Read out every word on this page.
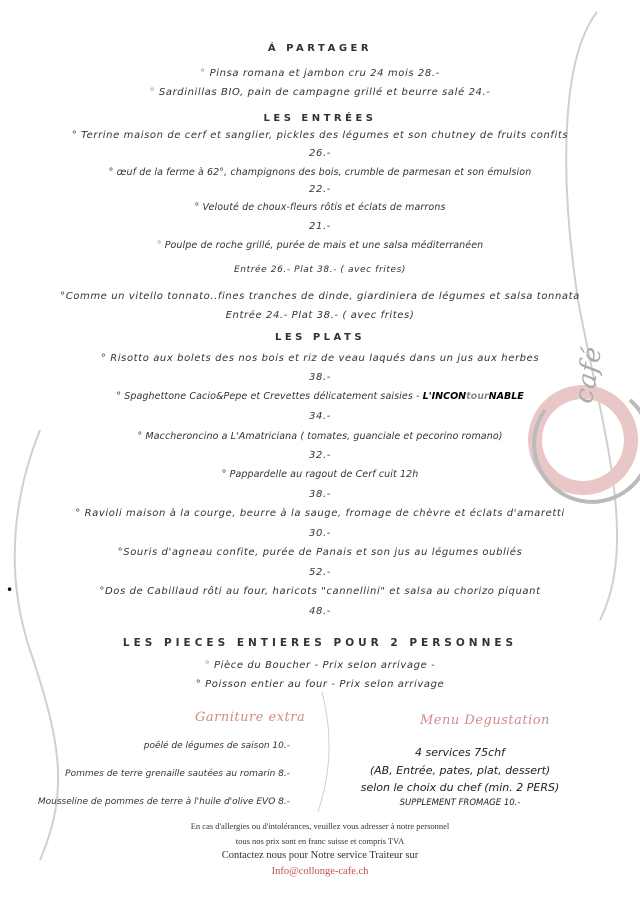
café
Á PARTAGER
° Pinsa romana et jambon cru 24 mois 28.-
° Sardinillas BIO, pain de campagne grillé et beurre salé 24.-
LES ENTRÉES
° Terrine maison de cerf et sanglier, pickles des légumes et son chutney de fruits confits
26.-
° œuf de la ferme à 62°, champignons des bois, crumble de parmesan et son émulsion
22.-
° Velouté de choux-fleurs rôtis et éclats de marrons
21.-
° Poulpe de roche grillé, purée de mais et une salsa méditerranéen
Entrée 26.- Plat 38.- ( avec frites)
°Comme un vitello tonnato..fines tranches de dinde, giardiniera de légumes et salsa tonnata
Entrée 24.- Plat 38.- ( avec frites)
LES PLATS
° Risotto aux bolets des nos bois et riz de veau laqués dans un jus aux herbes
38.-
° Spaghettone Cacio&Pepe et Crevettes délicatement saisies - L'INCONtourNABLE
34.-
° Maccheroncino a L'Amatriciana ( tomates, guanciale et pecorino romano)
32.-
° Pappardelle au ragout de Cerf cuit 12h
38.-
° Ravioli maison à la courge, beurre à la sauge, fromage de chèvre et éclats d'amaretti
30.-
°Souris d'agneau confite, purée de Panais et son jus au légumes oubliés
52.-
•	°Dos de Cabillaud rôti au four, haricots "cannellini" et salsa au chorizo piquant
48.-
LES PIECES ENTIERES POUR 2 PERSONNES
° Pièce du Boucher - Prix selon arrivage -
° Poisson entier au four - Prix selon arrivage
Garniture extra
poêlé de légumes de saison 10.-
Pommes de terre grenaille sautées au romarin 8.-
Mousseline de pommes de terre à l'huile d'olive EVO 8.-
Menu Degustation
4 services 75chf
(AB, Entrée, pates, plat, dessert)
selon le choix du chef (min. 2 PERS)
SUPPLEMENT FROMAGE 10.-
En cas d'allergies ou d'intolérances, veuillez vous adresser à notre personnel
tous nos prix sont en franc suisse et compris TVA
Contactez nous pour Notre service Traiteur sur
Info@collonge-cafe.ch
